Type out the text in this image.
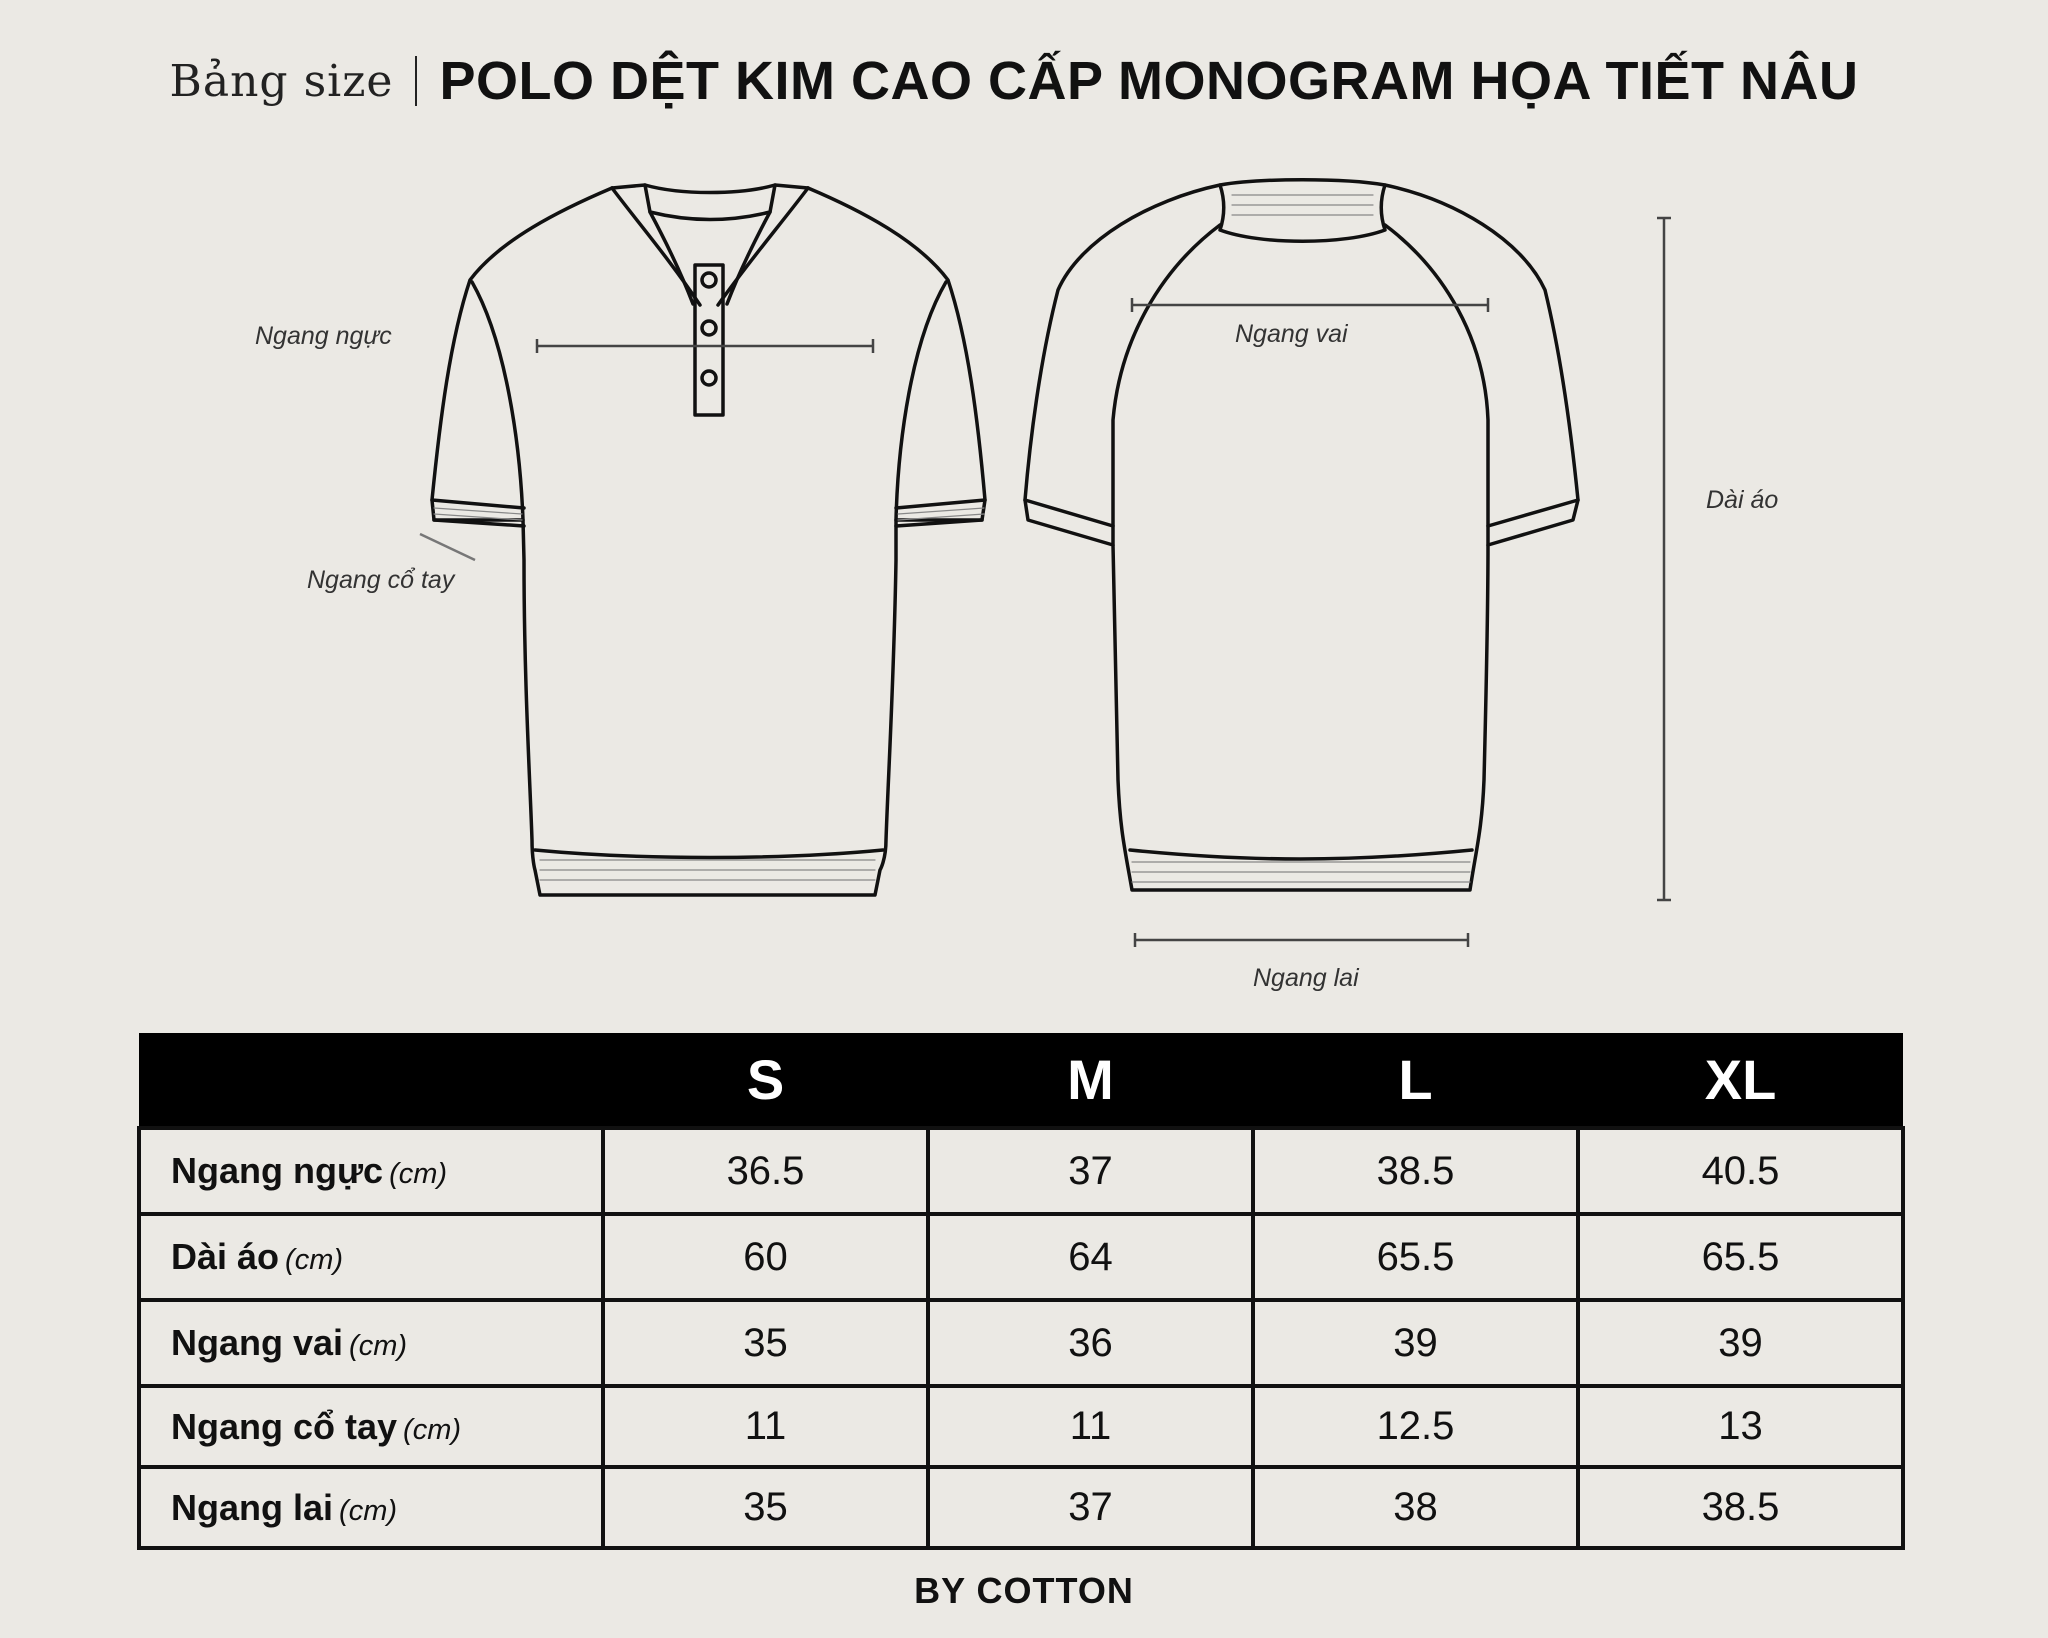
Bảng size POLO DỆT KIM CAO CẤP MONOGRAM HỌA TIẾT NÂU
Ngang ngực
Ngang cổ tay
Ngang vai
Dài áo
Ngang lai
	S	M	L	XL
Ngang ngực (cm)	36.5	37	38.5	40.5
Dài áo (cm)	60	64	65.5	65.5
Ngang vai (cm)	35	36	39	39
Ngang cổ tay (cm)	11	11	12.5	13
Ngang lai (cm)	35	37	38	38.5
BY COTTON
